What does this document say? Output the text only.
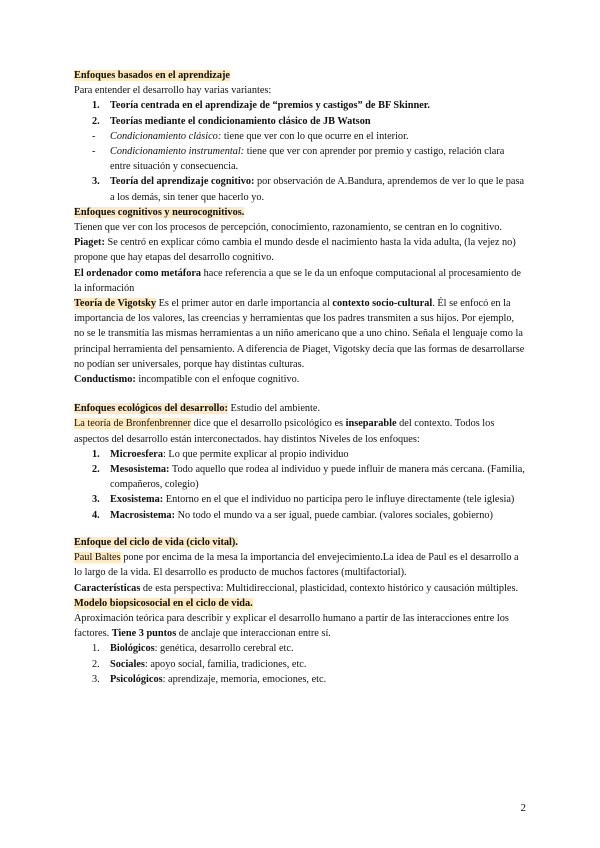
Enfoques basados en el aprendizaje

Para entender el desarrollo hay varias variantes:

1. Teoría centrada en el aprendizaje de “premios y castigos” de BF Skinner.

2. Teorías mediante el condicionamiento clásico de JB Watson

- Condicionamiento clásico: tiene que ver con lo que ocurre en el interior.

- Condicionamiento instrumental: tiene que ver con aprender por premio y castigo, relación clara entre situación y consecuencia.

3. Teoría del aprendizaje cognitivo: por observación de A.Bandura, aprendemos de ver lo que le pasa a los demás, sin tener que hacerlo yo.

Enfoques cognitivos y neurocognitivos.

Tienen que ver con los procesos de percepción, conocimiento, razonamiento, se centran en lo cognitivo.

Piaget: Se centró en explicar cómo cambia el mundo desde el nacimiento hasta la vida adulta, (la vejez no) propone que hay etapas del desarrollo cognitivo.

El ordenador como metáfora hace referencia a que se le da un enfoque computacional al procesamiento de la información

Teoría de Vigotsky Es el primer autor en darle importancia al contexto socio-cultural. Él se enfocó en la importancia de los valores, las creencias y herramientas que los padres transmiten a sus hijos. Por ejemplo, no se le transmitía las mismas herramientas a un niño americano que a uno chino. Señala el lenguaje como la principal herramienta del pensamiento. A diferencia de Piaget, Vigotsky decía que las formas de desarrollarse no podían ser universales, porque hay distintas culturas.

Conductismo: incompatible con el enfoque cognitivo.

Enfoques ecológicos del desarrollo: Estudio del ambiente.

La teoría de Bronfenbrenner dice que el desarrollo psicológico es inseparable del contexto. Todos los aspectos del desarrollo están interconectados. hay distintos Niveles de los enfoques:

1. Microesfera: Lo que permite explicar al propio individuo

2. Mesosistema: Todo aquello que rodea al individuo y puede influir de manera más cercana. (Familia, compañeros, colegio)

3. Exosistema: Entorno en el que el individuo no participa pero le influye directamente (tele iglesia)

4. Macrosistema: No todo el mundo va a ser igual, puede cambiar. (valores sociales, gobierno)

Enfoque del ciclo de vida (ciclo vital).

Paul Baltes pone por encima de la mesa la importancia del envejecimiento.La idea de Paul es el desarrollo a lo largo de la vida. El desarrollo es producto de muchos factores (multifactorial).

Características de esta perspectiva: Multidireccional, plasticidad, contexto histórico y causación múltiples.

Modelo biopsicosocial en el ciclo de vida.

Aproximación teórica para describir y explicar el desarrollo humano a partir de las interacciones entre los factores. Tiene 3 puntos de anclaje que interaccionan entre sí.

1. Biológicos: genética, desarrollo cerebral etc.

2. Sociales: apoyo social, familia, tradiciones, etc.

3. Psicológicos: aprendizaje, memoria, emociones, etc.

2
